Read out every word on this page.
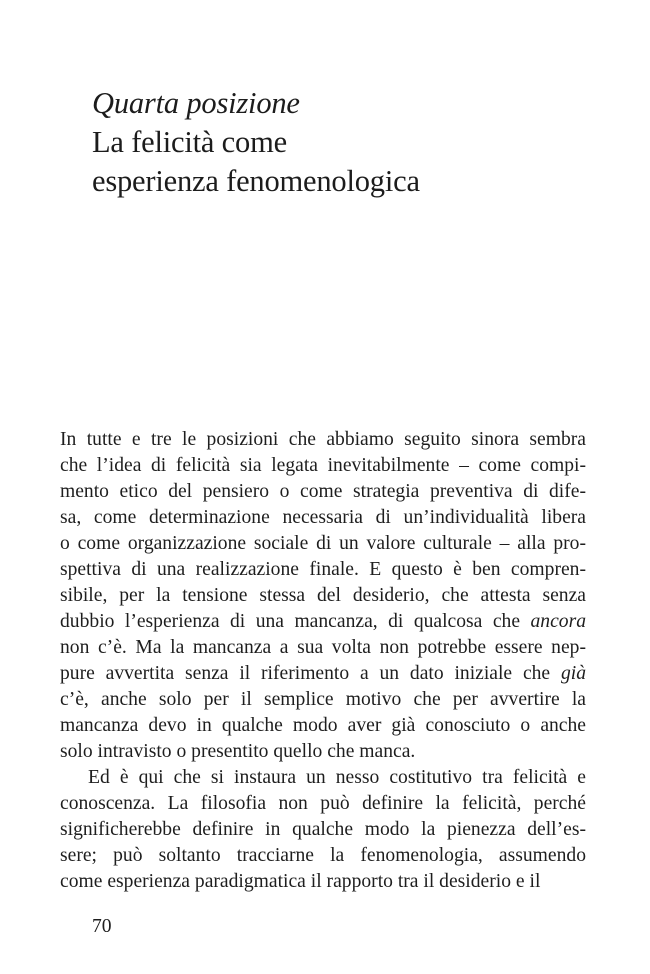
Quarta posizione
La felicità come
esperienza fenomenologica

In tutte e tre le posizioni che abbiamo seguito sinora sembra
che l’idea di felicità sia legata inevitabilmente – come compi-
mento etico del pensiero o come strategia preventiva di dife-
sa, come determinazione necessaria di un’individualità libera
o come organizzazione sociale di un valore culturale – alla pro-
spettiva di una realizzazione finale. E questo è ben compren-
sibile, per la tensione stessa del desiderio, che attesta senza
dubbio l’esperienza di una mancanza, di qualcosa che ancora
non c’è. Ma la mancanza a sua volta non potrebbe essere nep-
pure avvertita senza il riferimento a un dato iniziale che già
c’è, anche solo per il semplice motivo che per avvertire la
mancanza devo in qualche modo aver già conosciuto o anche
solo intravisto o presentito quello che manca.

Ed è qui che si instaura un nesso costitutivo tra felicità e
conoscenza. La filosofia non può definire la felicità, perché
significherebbe definire in qualche modo la pienezza dell’es-
sere; può soltanto tracciarne la fenomenologia, assumendo
come esperienza paradigmatica il rapporto tra il desiderio e il

70
